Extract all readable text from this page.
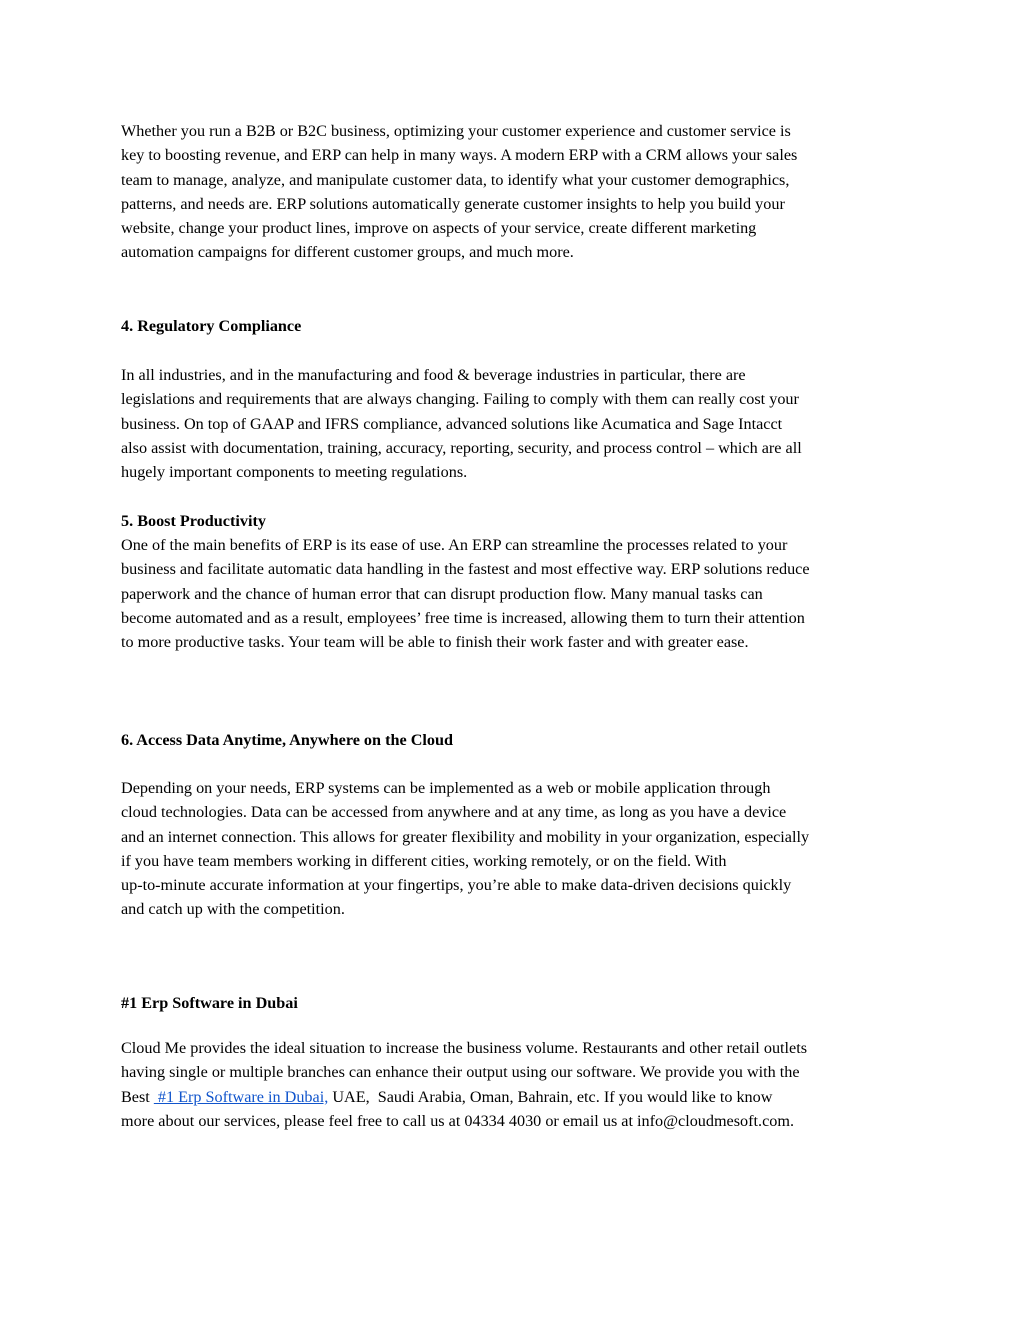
Whether you run a B2B or B2C business, optimizing your customer experience and customer service is
key to boosting revenue, and ERP can help in many ways. A modern ERP with a CRM allows your sales
team to manage, analyze, and manipulate customer data, to identify what your customer demographics,
patterns, and needs are. ERP solutions automatically generate customer insights to help you build your
website, change your product lines, improve on aspects of your service, create different marketing
automation campaigns for different customer groups, and much more.

4. Regulatory Compliance

In all industries, and in the manufacturing and food & beverage industries in particular, there are
legislations and requirements that are always changing. Failing to comply with them can really cost your
business. On top of GAAP and IFRS compliance, advanced solutions like Acumatica and Sage Intacct
also assist with documentation, training, accuracy, reporting, security, and process control – which are all
hugely important components to meeting regulations.

5. Boost Productivity

One of the main benefits of ERP is its ease of use. An ERP can streamline the processes related to your
business and facilitate automatic data handling in the fastest and most effective way. ERP solutions reduce
paperwork and the chance of human error that can disrupt production flow. Many manual tasks can
become automated and as a result, employees’ free time is increased, allowing them to turn their attention
to more productive tasks. Your team will be able to finish their work faster and with greater ease.

6. Access Data Anytime, Anywhere on the Cloud

Depending on your needs, ERP systems can be implemented as a web or mobile application through
cloud technologies. Data can be accessed from anywhere and at any time, as long as you have a device
and an internet connection. This allows for greater flexibility and mobility in your organization, especially
if you have team members working in different cities, working remotely, or on the field. With
up-to-minute accurate information at your fingertips, you’re able to make data-driven decisions quickly
and catch up with the competition.

#1 Erp Software in Dubai

Cloud Me provides the ideal situation to increase the business volume. Restaurants and other retail outlets
having single or multiple branches can enhance their output using our software. We provide you with the
Best  #1 Erp Software in Dubai, UAE,  Saudi Arabia, Oman, Bahrain, etc. If you would like to know
more about our services, please feel free to call us at 04334 4030 or email us at info@cloudmesoft.com.
